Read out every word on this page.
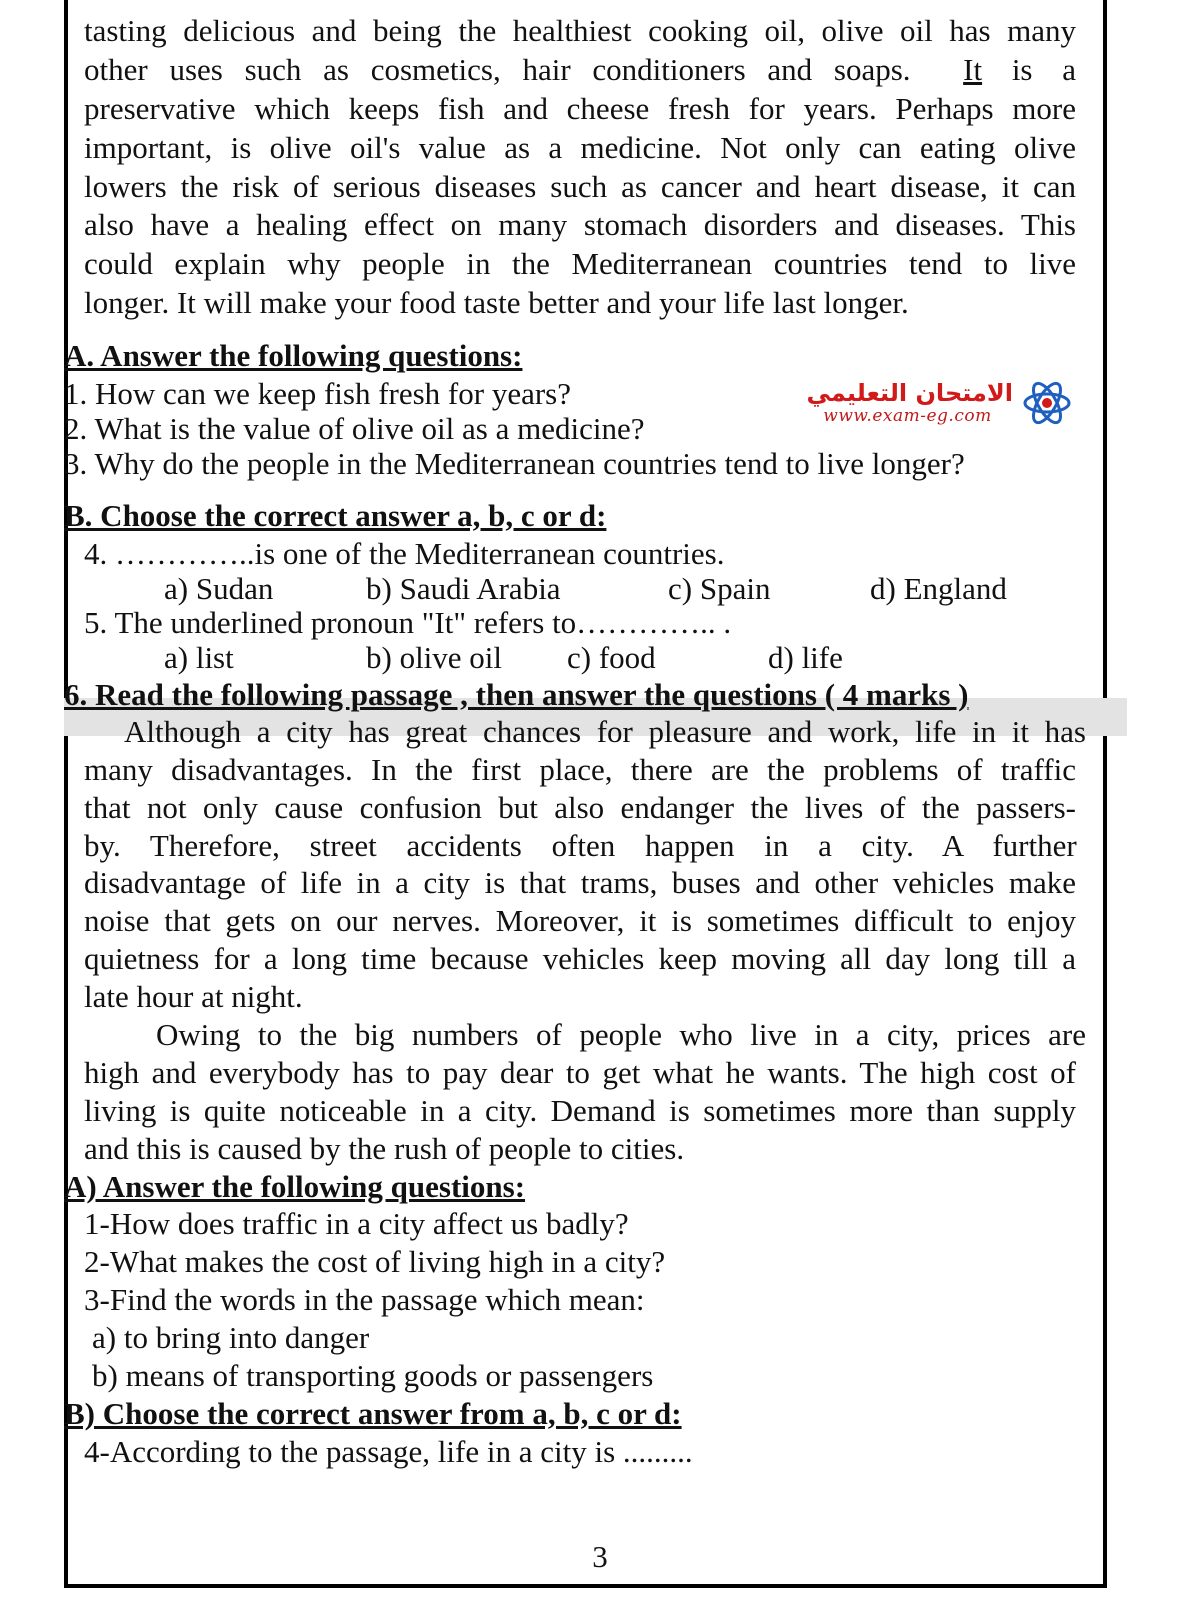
tasting delicious and being the healthiest cooking oil, olive oil has many
other uses such as cosmetics, hair conditioners and soaps. It is a
preservative which keeps fish and cheese fresh for years. Perhaps more
important, is olive oil's value as a medicine. Not only can eating olive
lowers the risk of serious diseases such as cancer and heart disease, it can
also have a healing effect on many stomach disorders and diseases. This
could explain why people in the Mediterranean countries tend to live
longer. It will make your food taste better and your life last longer.
A. Answer the following questions:
1. How can we keep fish fresh for years?
2. What is the value of olive oil as a medicine?
3. Why do the people in the Mediterranean countries tend to live longer?
الامتحان التعليمي
www.exam-eg.com
B. Choose the correct answer a, b, c or d:
4. …………..is one of the Mediterranean countries.
a) Sudan	b) Saudi Arabia	c) Spain	d) England
5. The underlined pronoun "It" refers to………….. .
a) list	b) olive oil c) food	d) life
6. Read the following passage , then answer the questions ( 4 marks )
Although a city has great chances for pleasure and work, life in it has
many disadvantages. In the first place, there are the problems of traffic
that not only cause confusion but also endanger the lives of the passers-
by. Therefore, street accidents often happen in a city. A further
disadvantage of life in a city is that trams, buses and other vehicles make
noise that gets on our nerves. Moreover, it is sometimes difficult to enjoy
quietness for a long time because vehicles keep moving all day long till a
late hour at night.
Owing to the big numbers of people who live in a city, prices are
high and everybody has to pay dear to get what he wants. The high cost of
living is quite noticeable in a city. Demand is sometimes more than supply
and this is caused by the rush of people to cities.
A) Answer the following questions:
1-How does traffic in a city affect us badly?
2-What makes the cost of living high in a city?
3-Find the words in the passage which mean:
a) to bring into danger
b) means of transporting goods or passengers
B) Choose the correct answer from a, b, c or d:
4-According to the passage, life in a city is .........
3
